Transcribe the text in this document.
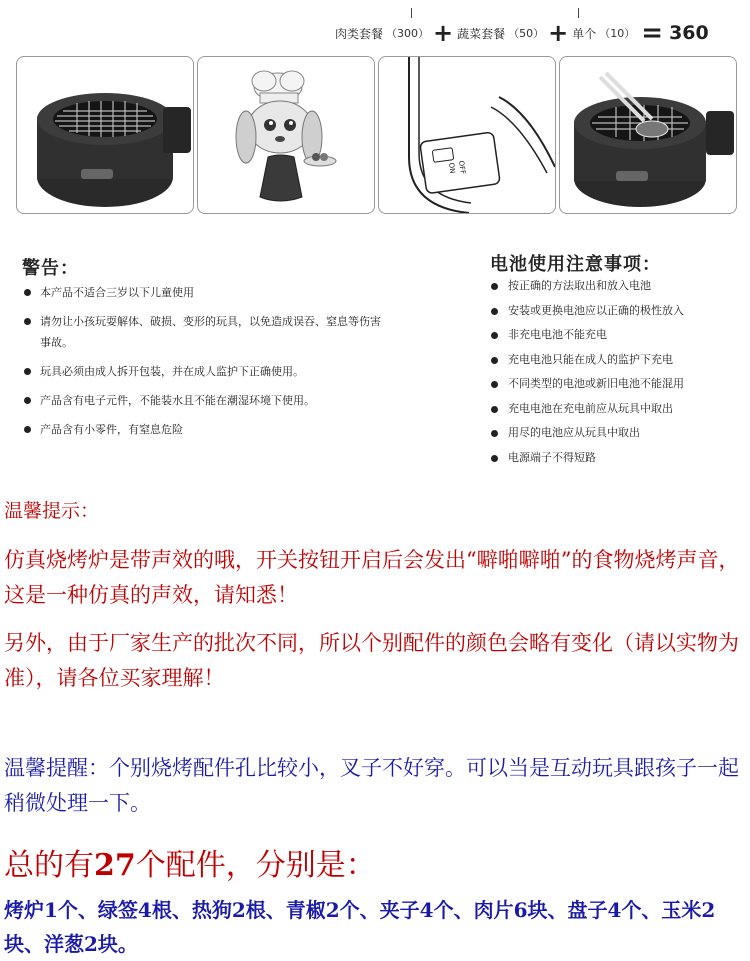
肉类套餐 （300） + 蔬菜套餐 （50） + 单个 （10） = 360
OFF
ON
警告：
本产品不适合三岁以下儿童使用
请勿让小孩玩耍解体、破损、变形的玩具，以免造成误吞、窒息等伤害事故。
玩具必须由成人拆开包装，并在成人监护下正确使用。
产品含有电子元件，不能装水且不能在潮湿环境下使用。
产品含有小零件，有窒息危险
电池使用注意事项：
按正确的方法取出和放入电池
安装或更换电池应以正确的极性放入
非充电电池不能充电
充电电池只能在成人的监护下充电
不同类型的电池或新旧电池不能混用
充电电池在充电前应从玩具中取出
用尽的电池应从玩具中取出
电源端子不得短路
温馨提示：
仿真烧烤炉是带声效的哦，开关按钮开启后会发出“噼啪噼啪”的食物烧烤声音，这是一种仿真的声效，请知悉！
另外，由于厂家生产的批次不同，所以个别配件的颜色会略有变化（请以实物为准），请各位买家理解！
温馨提醒：个别烧烤配件孔比较小，叉子不好穿。可以当是互动玩具跟孩子一起稍微处理一下。
总的有27个配件，分别是：
烤炉1个、绿签4根、热狗2根、青椒2个、夹子4个、肉片6块、盘子4个、玉米2块、洋葱2块。
